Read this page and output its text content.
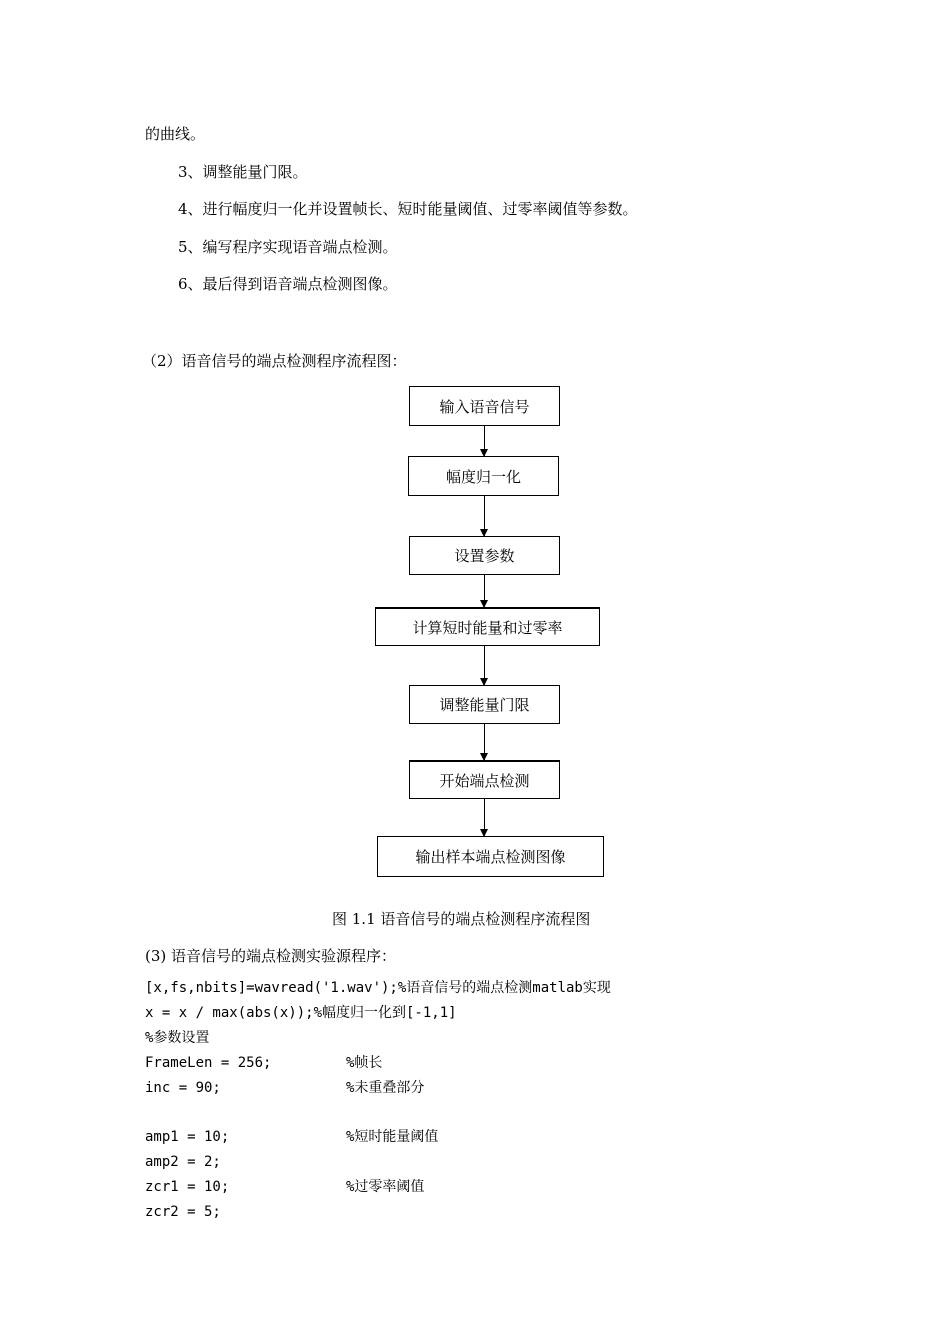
的曲线。
3、调整能量门限。
4、进行幅度归一化并设置帧长、短时能量阈值、过零率阈值等参数。
5、编写程序实现语音端点检测。
6、最后得到语音端点检测图像。
（2）语音信号的端点检测程序流程图：
输入语音信号
幅度归一化
设置参数
计算短时能量和过零率
调整能量门限
开始端点检测
输出样本端点检测图像
图 1.1 语音信号的端点检测程序流程图
(3) 语音信号的端点检测实验源程序：
[x,fs,nbits]=wavread('1.wav');%语音信号的端点检测matlab实现
x = x / max(abs(x));%幅度归一化到[-1,1]
%参数设置
FrameLen = 256;	%帧长
inc = 90;	%未重叠部分
amp1 = 10;	%短时能量阈值
amp2 = 2;
zcr1 = 10;	%过零率阈值
zcr2 = 5;
